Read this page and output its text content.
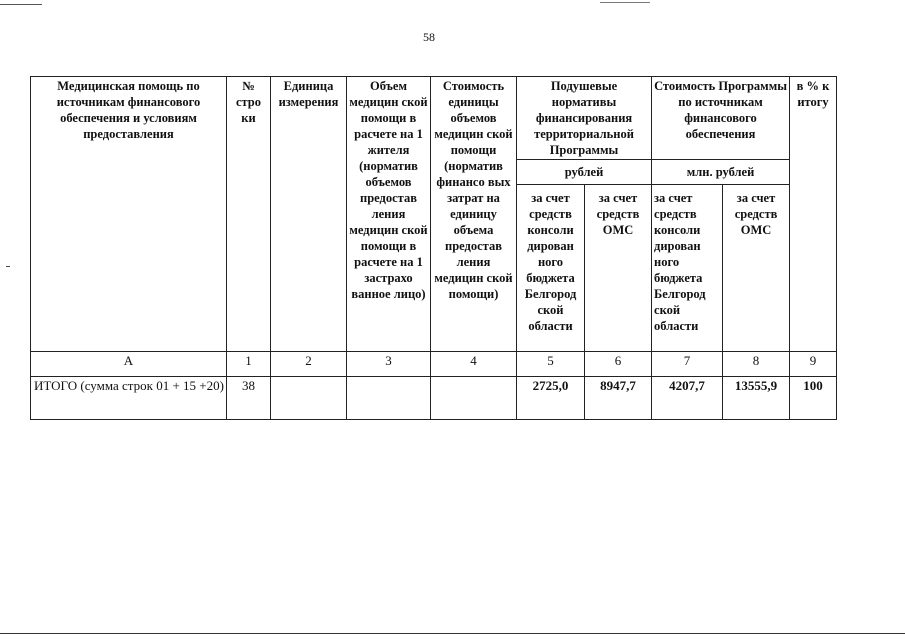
58
Медицинская помощь по источникам финансового обеспечения и условиям предоставления	№ стро ки	Единица измерения	Объем медицин ской помощи в расчете на 1 жителя (норматив объемов предостав ления медицин ской помощи в расчете на 1 застрахо ванное лицо)	Стоимость единицы объемов медицин ской помощи (норматив финансо вых затрат на единицу объема предостав ления медицин ской помощи)	Подушевые нормативы финансирования территориальной Программы		Стоимость Программы по источникам финансового обеспечения		в % к итогу
					рублей		млн. рублей		
					за счет средств консоли дирован ного бюджета Белгород ской области	за счет средств ОМС	за счет средств консоли дирован ного бюджета Белгород ской области	за счет средств ОМС	
А	1	2	3	4	5	6	7	8	9
ИТОГО (сумма строк 01 + 15 +20)	38				2725,0	8947,7	4207,7	13555,9	100
